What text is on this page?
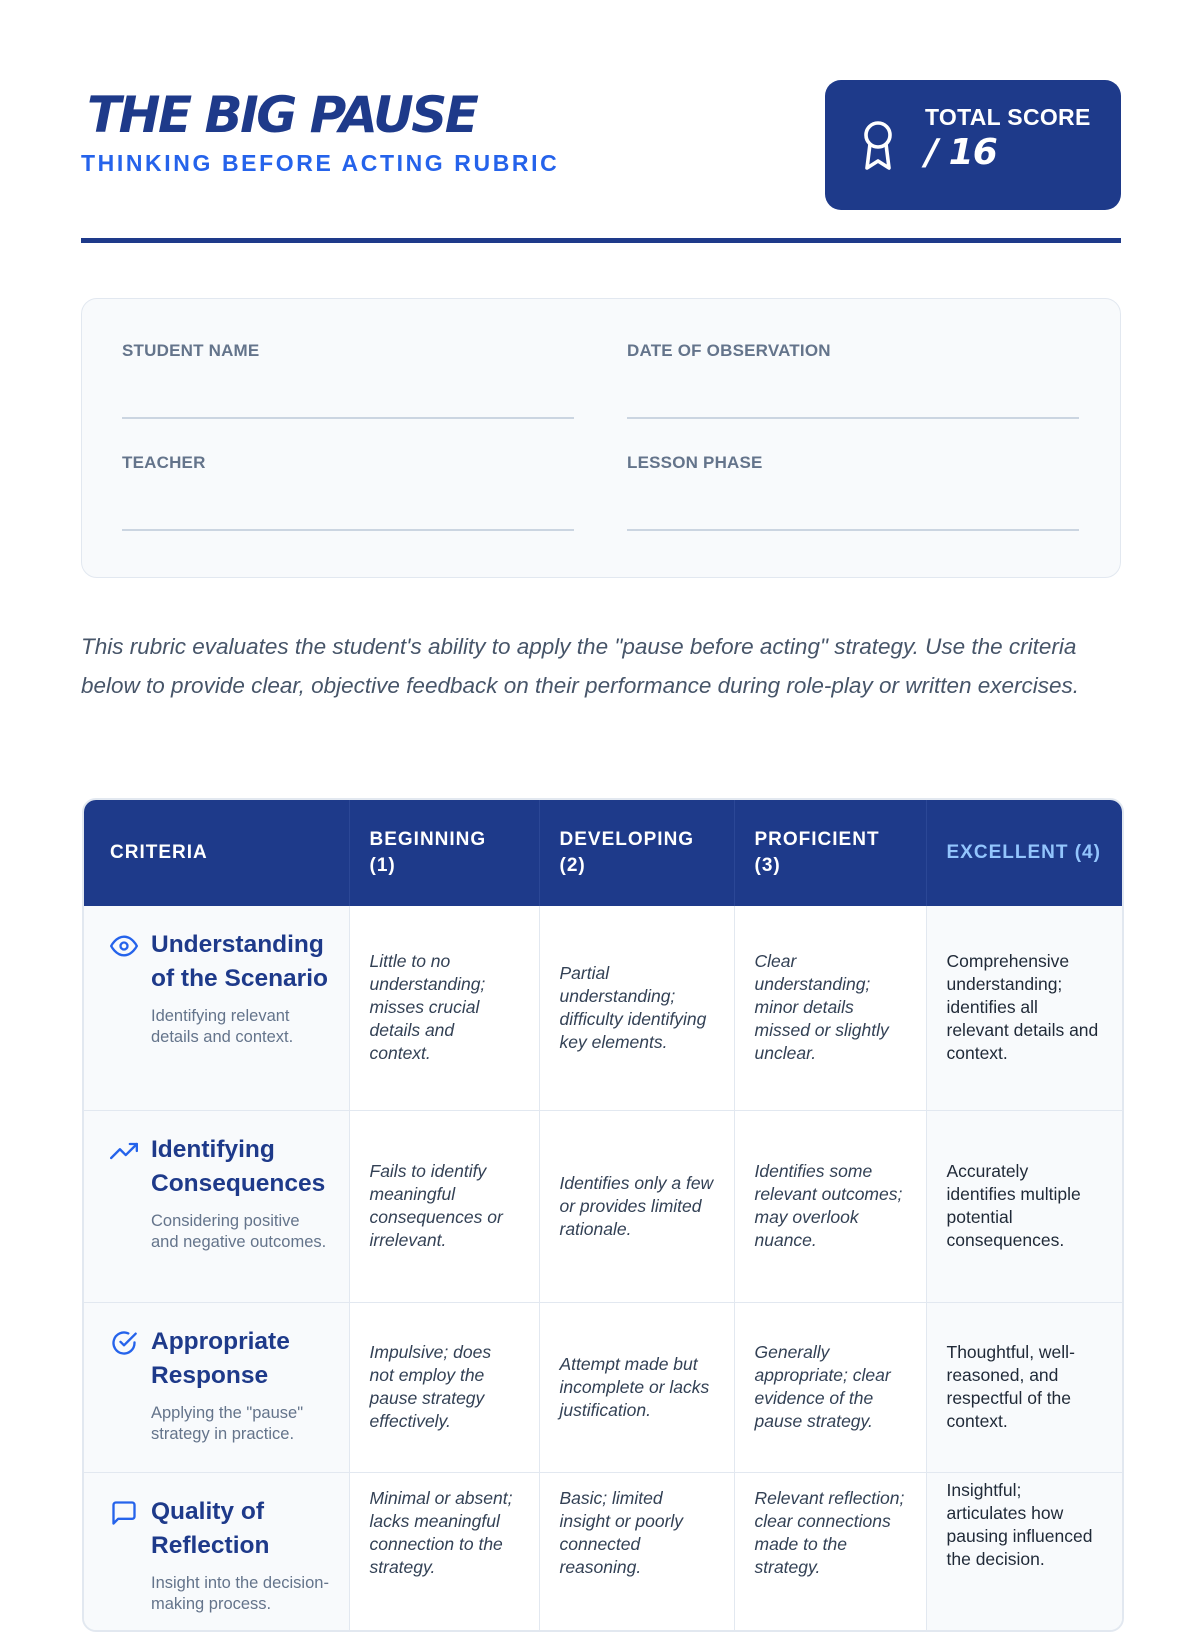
THE BIG PAUSE
THINKING BEFORE ACTING RUBRIC
TOTAL SCORE
/ 16
STUDENT NAME	DATE OF OBSERVATION
TEACHER	LESSON PHASE

This rubric evaluates the student's ability to apply the "pause before acting" strategy. Use the criteria below to provide clear, objective feedback on their performance during role-play or written exercises.

CRITERIA	BEGINNING (1)	DEVELOPING (2)	PROFICIENT (3)	EXCELLENT (4)

Understanding of the Scenario
Identifying relevant details and context.	Little to no understanding; misses crucial details and context.	Partial understanding; difficulty identifying key elements.	Clear understanding; minor details missed or slightly unclear.	Comprehensive understanding; identifies all relevant details and context.

Identifying Consequences
Considering positive and negative outcomes.	Fails to identify meaningful consequences or irrelevant.	Identifies only a few or provides limited rationale.	Identifies some relevant outcomes; may overlook nuance.	Accurately identifies multiple potential consequences.

Appropriate Response
Applying the "pause" strategy in practice.	Impulsive; does not employ the pause strategy effectively.	Attempt made but incomplete or lacks justification.	Generally appropriate; clear evidence of the pause strategy.	Thoughtful, well-reasoned, and respectful of the context.

Quality of Reflection
Insight into the decision-making process.	Minimal or absent; lacks meaningful connection to the strategy.	Basic; limited insight or poorly connected reasoning.	Relevant reflection; clear connections made to the strategy.	Insightful; articulates how pausing influenced the decision.
